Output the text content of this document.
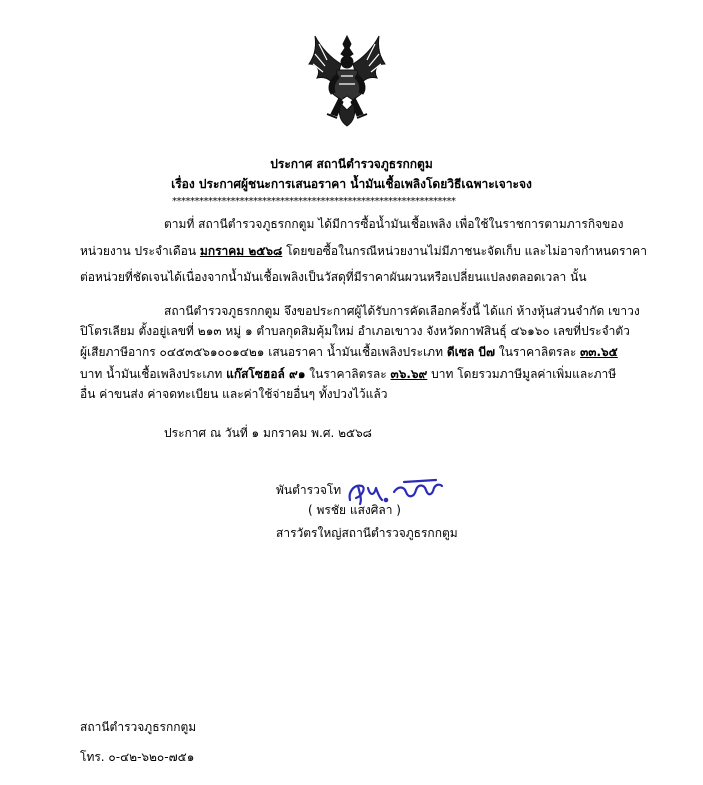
ประกาศ สถานีตำรวจภูธรกกตูม
เรื่อง ประกาศผู้ชนะการเสนอราคา น้ำมันเชื้อเพลิงโดยวิธีเฉพาะเจาะจง
***************************************************************
ตามที่ สถานีตำรวจภูธรกกตูม ได้มีการซื้อน้ำมันเชื้อเพลิง เพื่อใช้ในราชการตามภารกิจของ
หน่วยงาน ประจำเดือน มกราคม ๒๕๖๘ โดยขอซื้อในกรณีหน่วยงานไม่มีภาชนะจัดเก็บ และไม่อาจกำหนดราคา
ต่อหน่วยที่ชัดเจนได้เนื่องจากน้ำมันเชื้อเพลิงเป็นวัสดุที่มีราคาผันผวนหรือเปลี่ยนแปลงตลอดเวลา นั้น
สถานีตำรวจภูธรกกตูม จึงขอประกาศผู้ได้รับการคัดเลือกครั้งนี้ ได้แก่ ห้างหุ้นส่วนจำกัด เขาวง
ปิโตรเลียม ตั้งอยู่เลขที่ ๒๑๓ หมู่ ๑ ตำบลกุดสิมคุ้มใหม่ อำเภอเขาวง จังหวัดกาฬสินธุ์ ๔๖๑๖๐ เลขที่ประจำตัว
ผู้เสียภาษีอากร ๐๔๕๓๕๖๑๐๐๑๔๒๑ เสนอราคา น้ำมันเชื้อเพลิงประเภท ดีเซล บี๗ ในราคาลิตรละ ๓๓.๖๕
บาท น้ำมันเชื้อเพลิงประเภท แก๊สโซฮอล์ ๙๑ ในราคาลิตรละ ๓๖.๖๙ บาท โดยรวมภาษีมูลค่าเพิ่มและภาษี
อื่น ค่าขนส่ง ค่าจดทะเบียน และค่าใช้จ่ายอื่นๆ ทั้งปวงไว้แล้ว
ประกาศ ณ วันที่ ๑ มกราคม พ.ศ. ๒๕๖๘
พันตำรวจโท
( พรชัย แสงศิลา )
สารวัตรใหญ่สถานีตำรวจภูธรกกตูม
สถานีตำรวจภูธรกกตูม
โทร. ๐-๔๒-๖๒๐-๗๕๑
